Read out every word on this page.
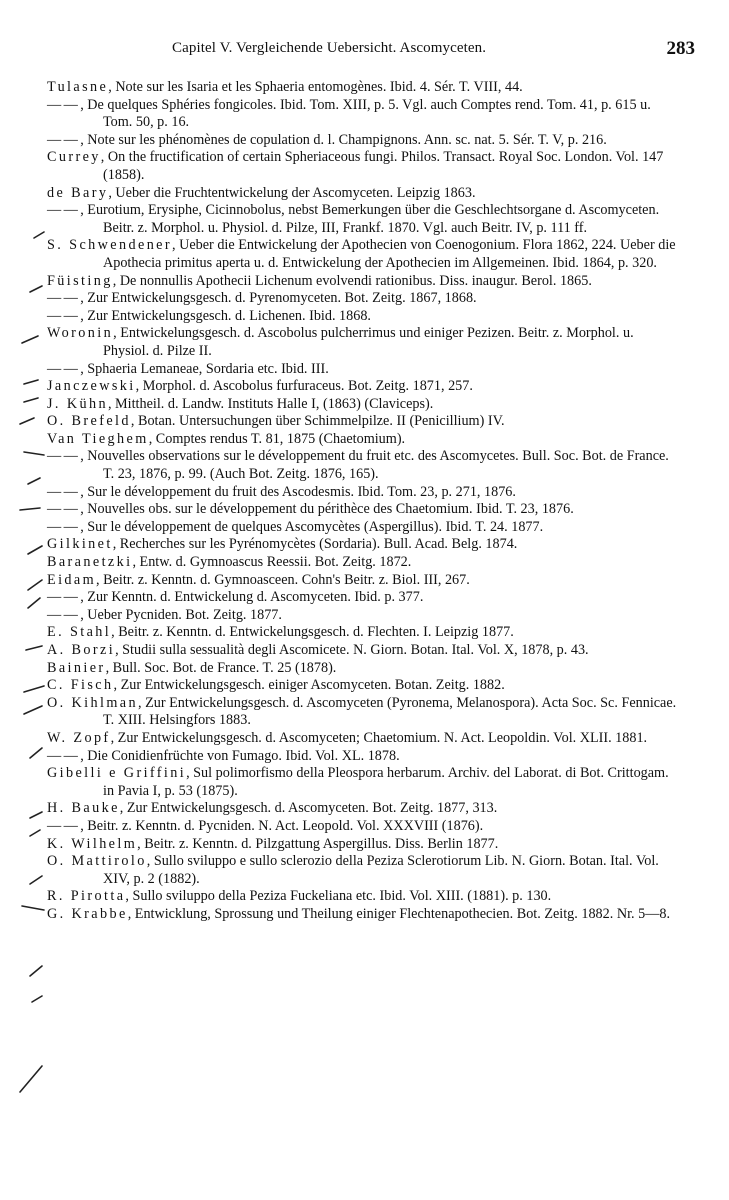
Capitel V. Vergleichende Uebersicht. Ascomyceten.	283
Tulasne, Note sur les Isaria et les Sphaeria entomogènes. Ibid. 4. Sér. T. VIII, 44.
——, De quelques Sphéries fongicoles. Ibid. Tom. XIII, p. 5. Vgl. auch Comptes rend. Tom. 41, p. 615 u. Tom. 50, p. 16.
——, Note sur les phénomènes de copulation d. l. Champignons. Ann. sc. nat. 5. Sér. T. V, p. 216.
Currey, On the fructification of certain Spheriaceous fungi. Philos. Transact. Royal Soc. London. Vol. 147 (1858).
de Bary, Ueber die Fruchtentwickelung der Ascomyceten. Leipzig 1863.
——, Eurotium, Erysiphe, Cicinnobolus, nebst Bemerkungen über die Geschlechtsorgane d. Ascomyceten. Beitr. z. Morphol. u. Physiol. d. Pilze, III, Frankf. 1870. Vgl. auch Beitr. IV, p. 111 ff.
S. Schwendener, Ueber die Entwickelung der Apothecien von Coenogonium. Flora 1862, 224. Ueber die Apothecia primitus aperta u. d. Entwickelung der Apothecien im Allgemeinen. Ibid. 1864, p. 320.
Füisting, De nonnullis Apothecii Lichenum evolvendi rationibus. Diss. inaugur. Berol. 1865.
——, Zur Entwickelungsgesch. d. Pyrenomyceten. Bot. Zeitg. 1867, 1868.
——, Zur Entwickelungsgesch. d. Lichenen. Ibid. 1868.
Woronin, Entwickelungsgesch. d. Ascobolus pulcherrimus und einiger Pezizen. Beitr. z. Morphol. u. Physiol. d. Pilze II.
——, Sphaeria Lemaneae, Sordaria etc. Ibid. III.
Janczewski, Morphol. d. Ascobolus furfuraceus. Bot. Zeitg. 1871, 257.
J. Kühn, Mittheil. d. Landw. Instituts Halle I, (1863) (Claviceps).
O. Brefeld, Botan. Untersuchungen über Schimmelpilze. II (Penicillium) IV.
Van Tieghem, Comptes rendus T. 81, 1875 (Chaetomium).
——, Nouvelles observations sur le développement du fruit etc. des Ascomycetes. Bull. Soc. Bot. de France. T. 23, 1876, p. 99. (Auch Bot. Zeitg. 1876, 165).
——, Sur le développement du fruit des Ascodesmis. Ibid. Tom. 23, p. 271, 1876.
——, Nouvelles obs. sur le développement du périthèce des Chaetomium. Ibid. T. 23, 1876.
——, Sur le développement de quelques Ascomycètes (Aspergillus). Ibid. T. 24. 1877.
Gilkinet, Recherches sur les Pyrénomycètes (Sordaria). Bull. Acad. Belg. 1874.
Baranetzki, Entw. d. Gymnoascus Reessii. Bot. Zeitg. 1872.
Eidam, Beitr. z. Kenntn. d. Gymnoasceen. Cohn's Beitr. z. Biol. III, 267.
——, Zur Kenntn. d. Entwickelung d. Ascomyceten. Ibid. p. 377.
——, Ueber Pycniden. Bot. Zeitg. 1877.
E. Stahl, Beitr. z. Kenntn. d. Entwickelungsgesch. d. Flechten. I. Leipzig 1877.
A. Borzi, Studii sulla sessualità degli Ascomicete. N. Giorn. Botan. Ital. Vol. X, 1878, p. 43.
Bainier, Bull. Soc. Bot. de France. T. 25 (1878).
C. Fisch, Zur Entwickelungsgesch. einiger Ascomyceten. Botan. Zeitg. 1882.
O. Kihlman, Zur Entwickelungsgesch. d. Ascomyceten (Pyronema, Melanospora). Acta Soc. Sc. Fennicae. T. XIII. Helsingfors 1883.
W. Zopf, Zur Entwickelungsgesch. d. Ascomyceten; Chaetomium. N. Act. Leopoldin. Vol. XLII. 1881.
——, Die Conidienfrüchte von Fumago. Ibid. Vol. XL. 1878.
Gibelli e Griffini, Sul polimorfismo della Pleospora herbarum. Archiv. del Laborat. di Bot. Crittogam. in Pavia I, p. 53 (1875).
H. Bauke, Zur Entwickelungsgesch. d. Ascomyceten. Bot. Zeitg. 1877, 313.
——, Beitr. z. Kenntn. d. Pycniden. N. Act. Leopold. Vol. XXXVIII (1876).
K. Wilhelm, Beitr. z. Kenntn. d. Pilzgattung Aspergillus. Diss. Berlin 1877.
O. Mattirolo, Sullo sviluppo e sullo sclerozio della Peziza Sclerotiorum Lib. N. Giorn. Botan. Ital. Vol. XIV, p. 2 (1882).
R. Pirotta, Sullo sviluppo della Peziza Fuckeliana etc. Ibid. Vol. XIII. (1881). p. 130.
G. Krabbe, Entwicklung, Sprossung und Theilung einiger Flechtenapothecien. Bot. Zeitg. 1882. Nr. 5—8.
